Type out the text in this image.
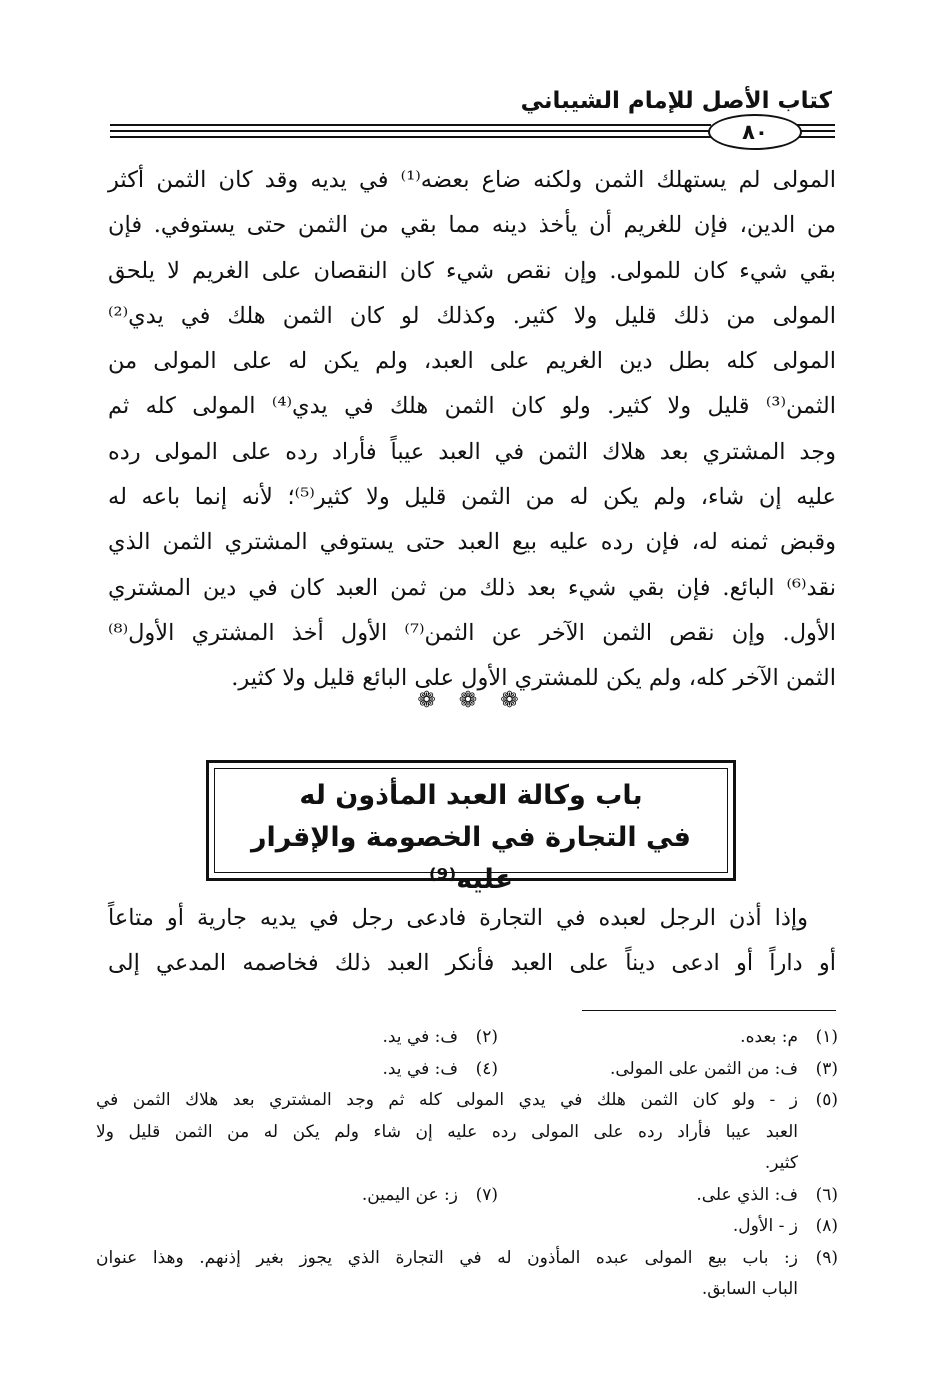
كتاب الأصل للإمام الشيباني
٨٠
المولى لم يستهلك الثمن ولكنه ضاع بعضه⁽¹⁾ في يديه وقد كان الثمن أكثر
من الدين، فإن للغريم أن يأخذ دينه مما بقي من الثمن حتى يستوفي. فإن
بقي شيء كان للمولى. وإن نقص شيء كان النقصان على الغريم لا يلحق
المولى من ذلك قليل ولا كثير. وكذلك لو كان الثمن هلك في يدي⁽²⁾
المولى كله بطل دين الغريم على العبد، ولم يكن له على المولى من
الثمن⁽³⁾ قليل ولا كثير. ولو كان الثمن هلك في يدي⁽⁴⁾ المولى كله ثم
وجد المشتري بعد هلاك الثمن في العبد عيباً فأراد رده على المولى رده
عليه إن شاء، ولم يكن له من الثمن قليل ولا كثير⁽⁵⁾؛ لأنه إنما باعه له
وقبض ثمنه له، فإن رده عليه بيع العبد حتى يستوفي المشتري الثمن الذي
نقد⁽⁶⁾ البائع. فإن بقي شيء بعد ذلك من ثمن العبد كان في دين المشتري
الأول. وإن نقص الثمن الآخر عن الثمن⁽⁷⁾ الأول أخذ المشتري الأول⁽⁸⁾
الثمن الآخر كله، ولم يكن للمشتري الأول على البائع قليل ولا كثير.
❁ ❁ ❁
باب وكالة العبد المأذون له
في التجارة في الخصومة والإقرار عليه⁽⁹⁾
وإذا أذن الرجل لعبده في التجارة فادعى رجل في يديه جارية أو متاعاً
أو داراً أو ادعى ديناً على العبد فأنكر العبد ذلك فخاصمه المدعي إلى
(١)
م: بعده.
(٢)
ف: في يد.
(٣)
ف: من الثمن على المولى.
(٤)
ف: في يد.
(٥)
ز - ولو كان الثمن هلك في يدي المولى كله ثم وجد المشتري بعد هلاك الثمن في
العبد عيبا فأراد رده على المولى رده عليه إن شاء ولم يكن له من الثمن قليل ولا
كثير.
(٦)
ف: الذي على.
(٧)
ز: عن اليمين.
(٨)
ز - الأول.
(٩)
ز: باب بيع المولى عبده المأذون له في التجارة الذي يجوز بغير إذنهم. وهذا عنوان
الباب السابق.
